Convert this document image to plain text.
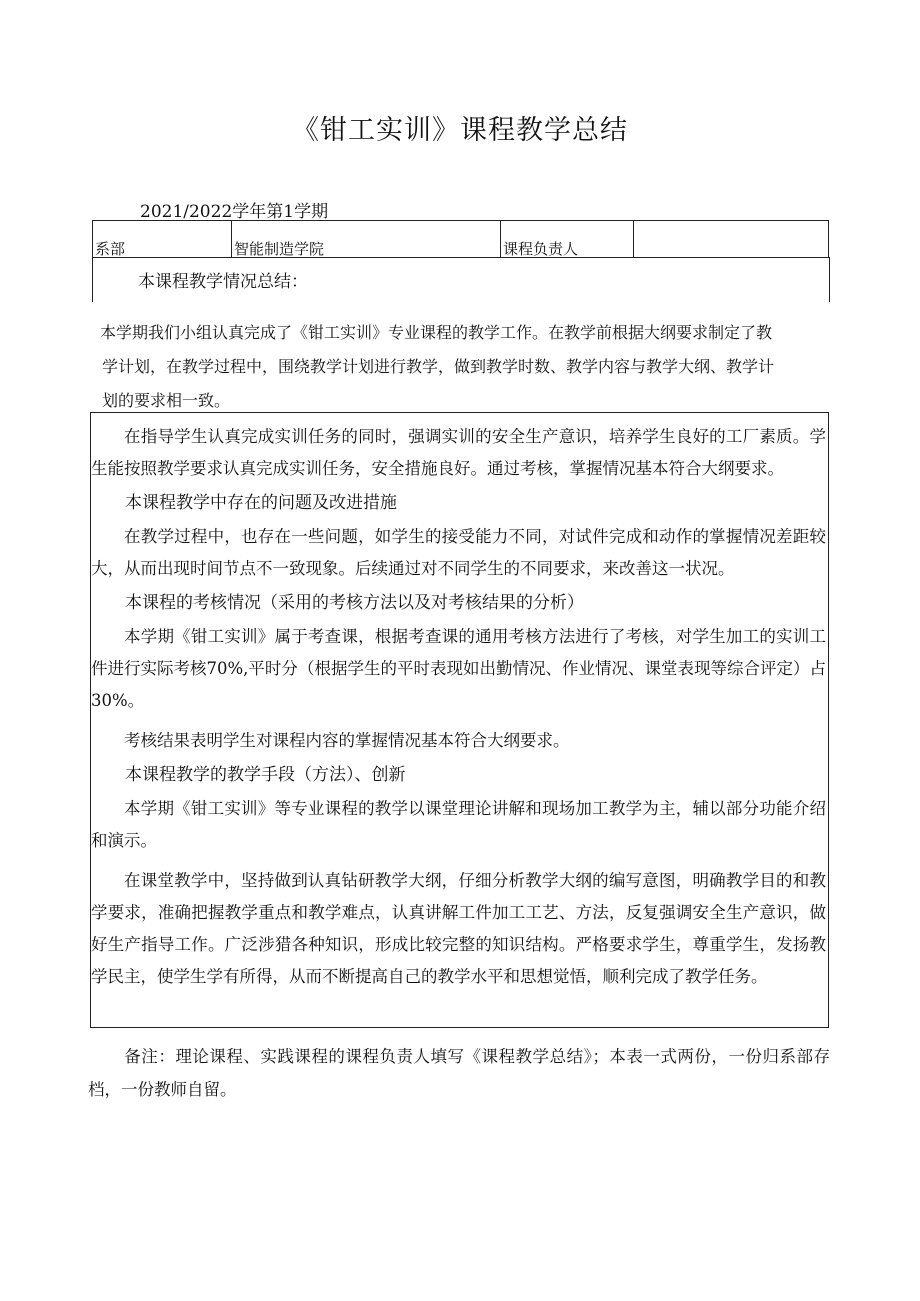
《钳工实训》课程教学总结
2021/2022学年第1学期
系部	智能制造学院	课程负责人	
本课程教学情况总结：
本学期我们小组认真完成了《钳工实训》专业课程的教学工作。在教学前根据大纲要求制定了教
学计划，在教学过程中，围绕教学计划进行教学，做到教学时数、教学内容与教学大纲、教学计
划的要求相一致。

在指导学生认真完成实训任务的同时，强调实训的安全生产意识，培养学生良好的工厂素质。学生能按照教学要求认真完成实训任务，安全措施良好。通过考核，掌握情况基本符合大纲要求。

本课程教学中存在的问题及改进措施

在教学过程中，也存在一些问题，如学生的接受能力不同，对试件完成和动作的掌握情况差距较大，从而出现时间节点不一致现象。后续通过对不同学生的不同要求，来改善这一状况。

本课程的考核情况（采用的考核方法以及对考核结果的分析）

本学期《钳工实训》属于考查课，根据考查课的通用考核方法进行了考核，对学生加工的实训工件进行实际考核70%,平时分（根据学生的平时表现如出勤情况、作业情况、课堂表现等综合评定）占30%。

考核结果表明学生对课程内容的掌握情况基本符合大纲要求。

本课程教学的教学手段（方法）、创新

本学期《钳工实训》等专业课程的教学以课堂理论讲解和现场加工教学为主，辅以部分功能介绍和演示。

在课堂教学中，坚持做到认真钻研教学大纲，仔细分析教学大纲的编写意图，明确教学目的和教学要求，准确把握教学重点和教学难点，认真讲解工件加工工艺、方法，反复强调安全生产意识，做好生产指导工作。广泛涉猎各种知识，形成比较完整的知识结构。严格要求学生，尊重学生，发扬教学民主，使学生学有所得，从而不断提高自己的教学水平和思想觉悟，顺利完成了教学任务。

备注：理论课程、实践课程的课程负责人填写《课程教学总结》；本表一式两份，一份归系部存档，一份教师自留。
